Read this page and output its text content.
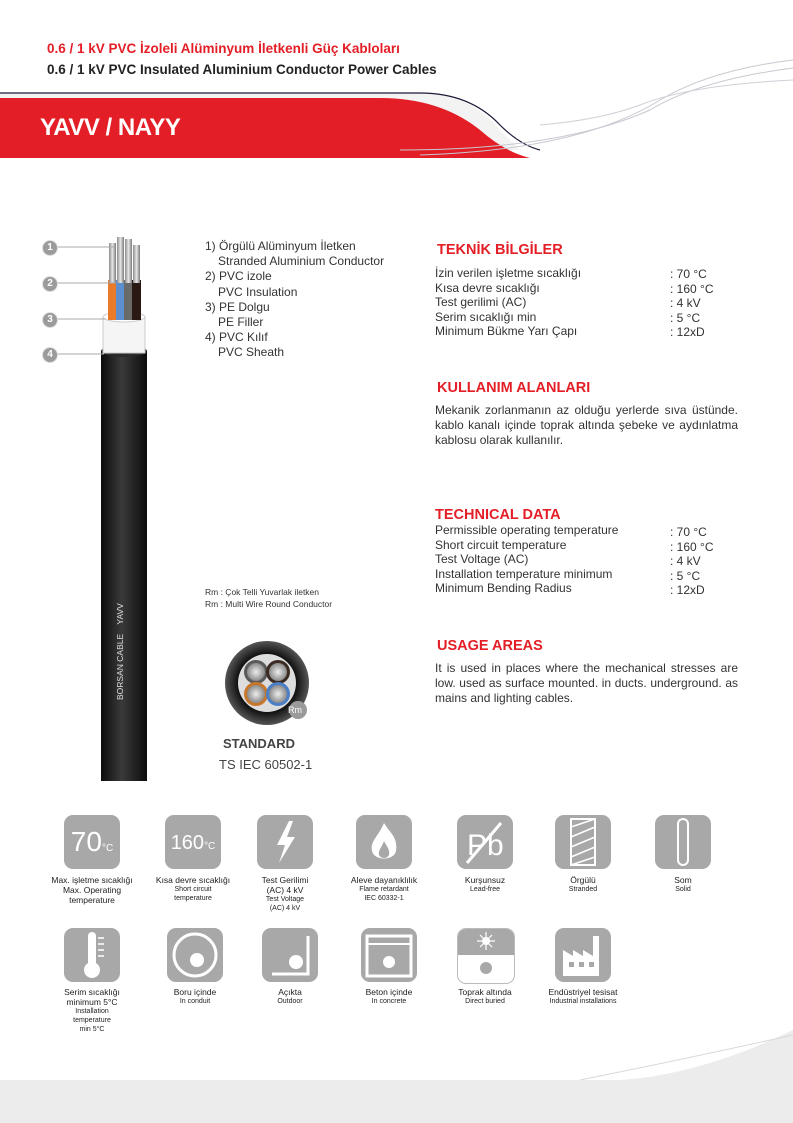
0.6 / 1 kV PVC İzoleli Alüminyum İletkenli Güç Kabloları
0.6 / 1 kV PVC Insulated Aluminium Conductor Power Cables
YAVV / NAYY
1
2
3
4
BORSAN CABLE    YAVV
1) Örgülü Alüminyum İletken
Stranded Aluminium Conductor
2) PVC izole
PVC Insulation
3) PE Dolgu
PE Filler
4) PVC Kılıf
PVC Sheath
TEKNİK BİLGİLER
İzin verilen işletme sıcaklığı
Kısa devre sıcaklığı
Test gerilimi (AC)
Serim sıcaklığı min
Minimum Bükme Yarı Çapı
: 70 °C
: 160 °C
: 4 kV
: 5 °C
: 12xD
KULLANIM ALANLARI
Mekanik zorlanmanın az olduğu yerlerde sıva üstünde. kablo kanalı içinde toprak altında şebeke ve aydınlatma kablosu olarak kullanılır.
TECHNICAL DATA
Permissible operating temperature
Short circuit temperature
Test Voltage (AC)
Installation temperature minimum
Minimum Bending Radius
: 70 °C
: 160 °C
: 4 kV
: 5 °C
: 12xD
USAGE AREAS
It is used in places where the mechanical stresses are low. used as surface mounted. in ducts. underground. as mains and lighting cables.
Rm : Çok Telli Yuvarlak iletken
Rm : Multi Wire Round Conductor
Rm
STANDARD
TS IEC 60502-1
70°C
Max. işletme sıcaklığı
Max. Operating
temperature
160°C
Kısa devre sıcaklığı
Short circuit
temperature
Test Gerilimi
(AC) 4 kV
Test Voltage
(AC) 4 kV
Aleve dayanıklılık
Flame retardant
IEC 60332-1
Pb
Kurşunsuz
Lead-free
Örgülü
Stranded
Som
Solid
Serim sıcaklığı
minimum 5°C
Installation
temperature
min 5°C
Boru içinde
In conduit
Açıkta
Outdoor
Beton içinde
In concrete
Toprak altında
Direct buried
Endüstriyel tesisat
Industrial installations
